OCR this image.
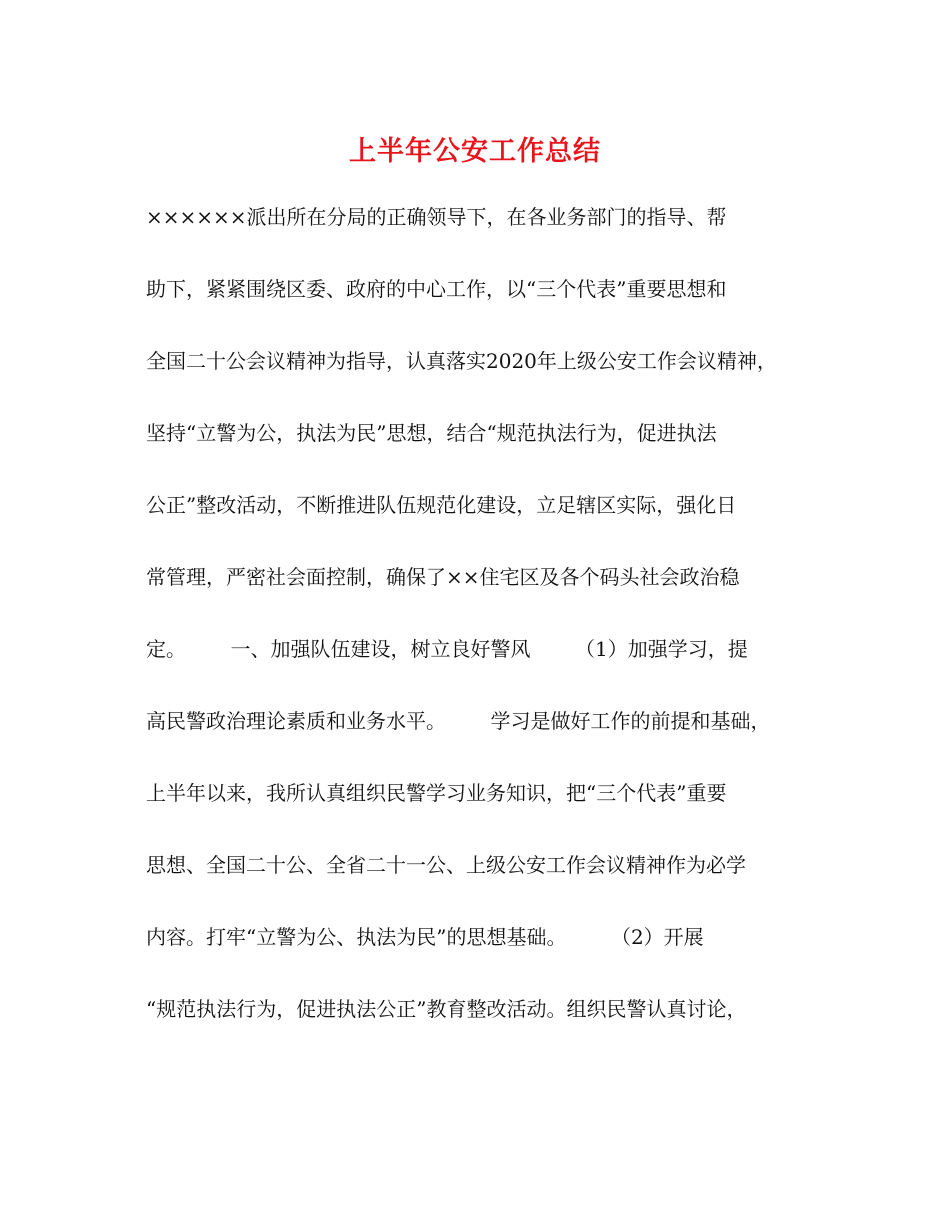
上半年公安工作总结
××××××派出所在分局的正确领导下，在各业务部门的指导、帮
助下，紧紧围绕区委、政府的中心工作，以“三个代表”重要思想和
全国二十公会议精神为指导，认真落实2020年上级公安工作会议精神，
坚持“立警为公，执法为民”思想，结合“规范执法行为，促进执法
公正”整改活动，不断推进队伍规范化建设，立足辖区实际，强化日
常管理，严密社会面控制，确保了××住宅区及各个码头社会政治稳
定。       一、加强队伍建设，树立良好警风       （1）加强学习，提
高民警政治理论素质和业务水平。       学习是做好工作的前提和基础，
上半年以来，我所认真组织民警学习业务知识，把“三个代表”重要
思想、全国二十公、全省二十一公、上级公安工作会议精神作为必学
内容。打牢“立警为公、执法为民”的思想基础。       （2）开展
“规范执法行为，促进执法公正”教育整改活动。组织民警认真讨论，
